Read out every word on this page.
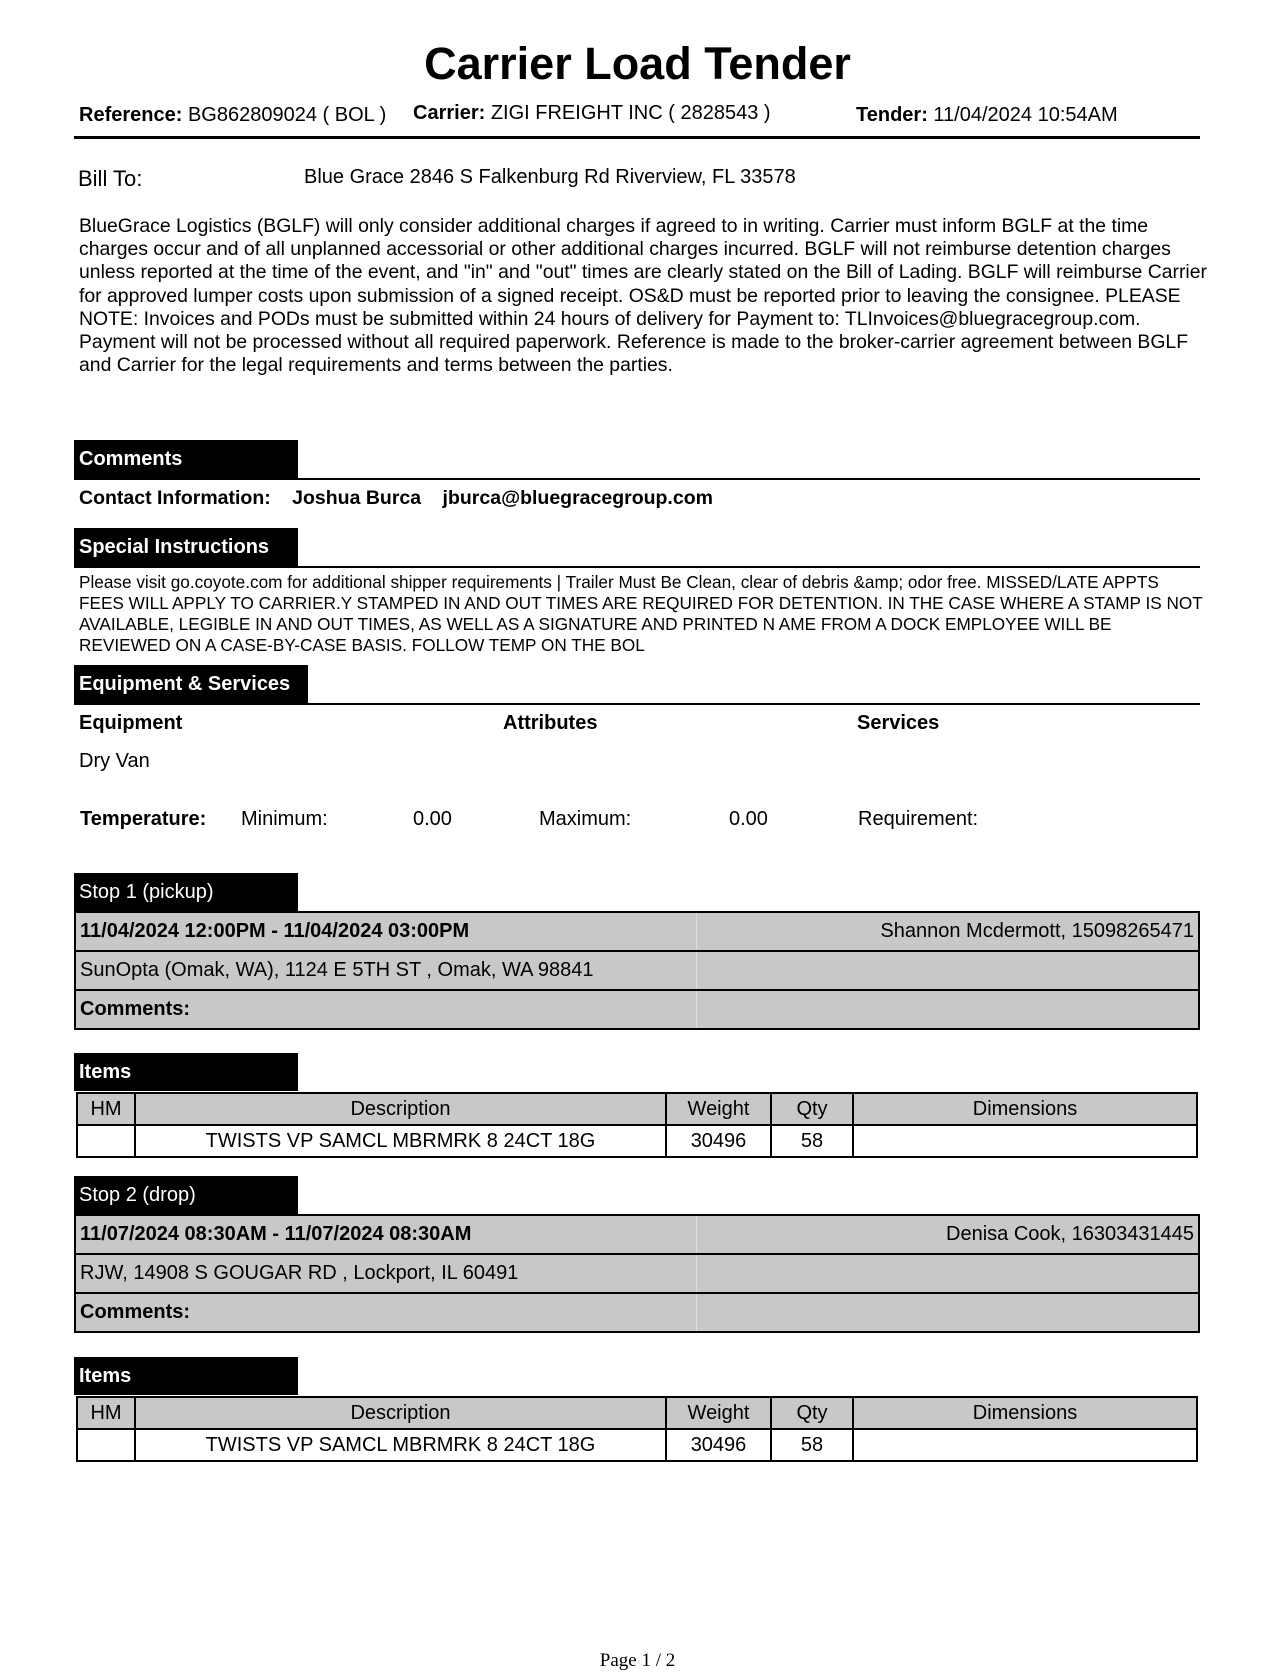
Carrier Load Tender
Reference: BG862809024 ( BOL ) Carrier: ZIGI FREIGHT INC ( 2828543 )	Tender: 11/04/2024 10:54AM
Bill To:	Blue Grace 2846 S Falkenburg Rd Riverview, FL 33578
BlueGrace Logistics (BGLF) will only consider additional charges if agreed to in writing. Carrier must inform BGLF at the time charges occur and of all unplanned accessorial or other additional charges incurred. BGLF will not reimburse detention charges unless reported at the time of the event, and "in" and "out" times are clearly stated on the Bill of Lading. BGLF will reimburse Carrier for approved lumper costs upon submission of a signed receipt. OS&D must be reported prior to leaving the consignee. PLEASE NOTE: Invoices and PODs must be submitted within 24 hours of delivery for Payment to: TLInvoices@bluegracegroup.com. Payment will not be processed without all required paperwork. Reference is made to the broker-carrier agreement between BGLF and Carrier for the legal requirements and terms between the parties.
Comments
Contact Information: Joshua Burca jburca@bluegracegroup.com
Special Instructions
Please visit go.coyote.com for additional shipper requirements | Trailer Must Be Clean, clear of debris &amp; odor free. MISSED/LATE APPTS FEES WILL APPLY TO CARRIER.Y STAMPED IN AND OUT TIMES ARE REQUIRED FOR DETENTION. IN THE CASE WHERE A STAMP IS NOT AVAILABLE, LEGIBLE IN AND OUT TIMES, AS WELL AS A SIGNATURE AND PRINTED N AME FROM A DOCK EMPLOYEE WILL BE REVIEWED ON A CASE-BY-CASE BASIS. FOLLOW TEMP ON THE BOL
Equipment & Services
Equipment	Attributes	Services
Dry Van
Temperature: Minimum:	0.00	Maximum:	0.00	Requirement:
Stop 1 (pickup)
11/04/2024 12:00PM - 11/04/2024 03:00PM	Shannon Mcdermott, 15098265471
SunOpta (Omak, WA), 1124 E 5TH ST , Omak, WA 98841
Comments:
Items
HM	Description	Weight	Qty	Dimensions
	TWISTS VP SAMCL MBRMRK 8 24CT 18G	30496	58	
Stop 2 (drop)
11/07/2024 08:30AM - 11/07/2024 08:30AM	Denisa Cook, 16303431445
RJW, 14908 S GOUGAR RD , Lockport, IL 60491
Comments:
Items
HM	Description	Weight	Qty	Dimensions
	TWISTS VP SAMCL MBRMRK 8 24CT 18G	30496	58	
Page 1 / 2
